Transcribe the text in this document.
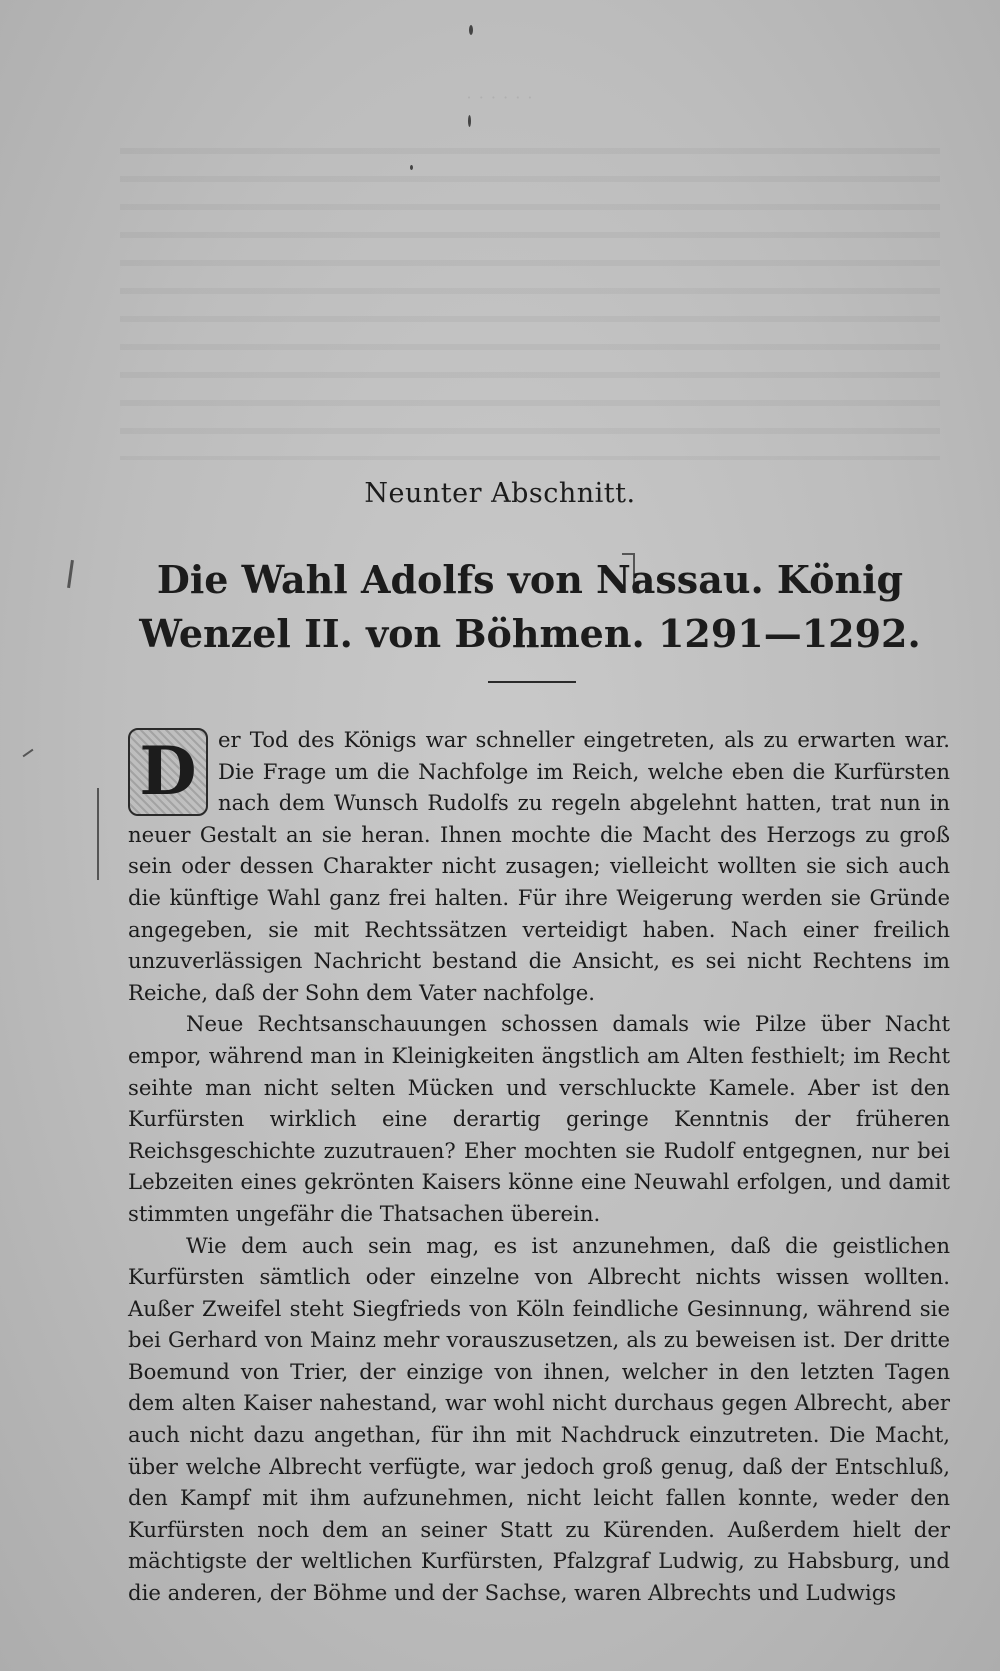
· · · · · ·
Neunter Abschnitt.
Die Wahl Adolfs von Nassau. König Wenzel II. von Böhmen. 1291—1292.

D	er Tod des Königs war schneller eingetreten, als zu erwarten war. Die Frage um die Nachfolge im Reich, welche eben die Kurfürsten nach dem Wunsch Rudolfs zu regeln abgelehnt hatten, trat nun in neuer Gestalt an sie heran. Ihnen mochte die Macht des Herzogs zu groß sein oder dessen Charakter nicht zusagen; vielleicht wollten sie sich auch die künftige Wahl ganz frei halten. Für ihre Weigerung werden sie Gründe angegeben, sie mit Rechtssätzen verteidigt haben. Nach einer freilich unzuverlässigen Nachricht bestand die Ansicht, es sei nicht Rechtens im Reiche, daß der Sohn dem Vater nachfolge.

Neue Rechtsanschauungen schossen damals wie Pilze über Nacht empor, während man in Kleinigkeiten ängstlich am Alten festhielt; im Recht seihte man nicht selten Mücken und verschluckte Kamele. Aber ist den Kurfürsten wirklich eine derartig geringe Kenntnis der früheren Reichsgeschichte zuzutrauen? Eher mochten sie Rudolf entgegnen, nur bei Lebzeiten eines gekrönten Kaisers könne eine Neuwahl erfolgen, und damit stimmten ungefähr die Thatsachen überein.

Wie dem auch sein mag, es ist anzunehmen, daß die geistlichen Kurfürsten sämtlich oder einzelne von Albrecht nichts wissen wollten. Außer Zweifel steht Siegfrieds von Köln feindliche Gesinnung, während sie bei Gerhard von Mainz mehr vorauszusetzen, als zu beweisen ist. Der dritte Boemund von Trier, der einzige von ihnen, welcher in den letzten Tagen dem alten Kaiser nahestand, war wohl nicht durchaus gegen Albrecht, aber auch nicht dazu angethan, für ihn mit Nachdruck einzutreten. Die Macht, über welche Albrecht verfügte, war jedoch groß genug, daß der Entschluß, den Kampf mit ihm aufzunehmen, nicht leicht fallen konnte, weder den Kurfürsten noch dem an seiner Statt zu Kürenden. Außerdem hielt der mächtigste der weltlichen Kurfürsten, Pfalzgraf Ludwig, zu Habsburg, und die anderen, der Böhme und der Sachse, waren Albrechts und Ludwigs
